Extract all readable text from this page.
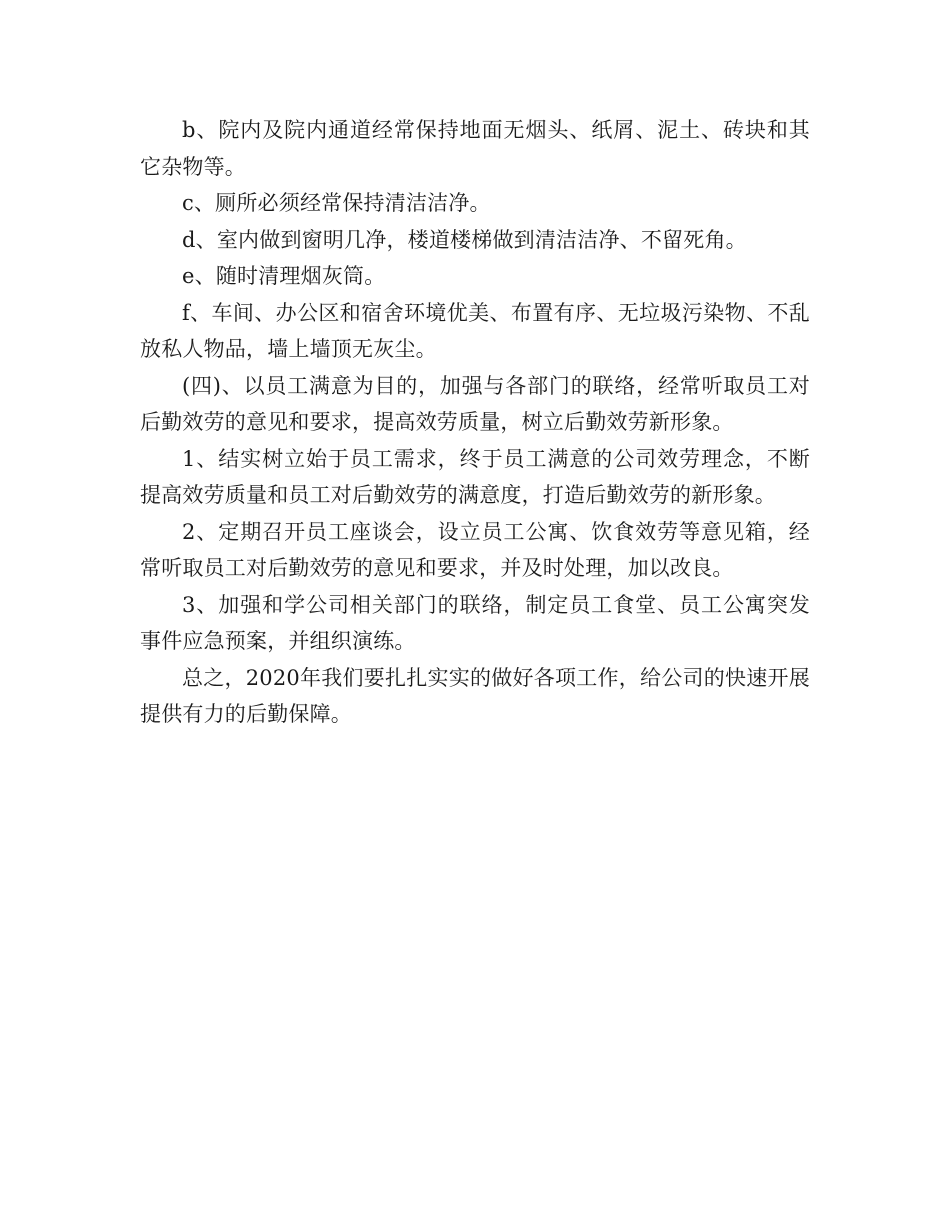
b、院内及院内通道经常保持地面无烟头、纸屑、泥土、砖块和其它杂物等。

c、厕所必须经常保持清洁洁净。

d、室内做到窗明几净，楼道楼梯做到清洁洁净、不留死角。

e、随时清理烟灰筒。

f、车间、办公区和宿舍环境优美、布置有序、无垃圾污染物、不乱放私人物品，墙上墙顶无灰尘。

(四)、以员工满意为目的，加强与各部门的联络，经常听取员工对后勤效劳的意见和要求，提高效劳质量，树立后勤效劳新形象。

1、结实树立始于员工需求，终于员工满意的公司效劳理念，不断提高效劳质量和员工对后勤效劳的满意度，打造后勤效劳的新形象。

2、定期召开员工座谈会，设立员工公寓、饮食效劳等意见箱，经常听取员工对后勤效劳的意见和要求，并及时处理，加以改良。

3、加强和学公司相关部门的联络，制定员工食堂、员工公寓突发事件应急预案，并组织演练。

总之，2020年我们要扎扎实实的做好各项工作，给公司的快速开展提供有力的后勤保障。
